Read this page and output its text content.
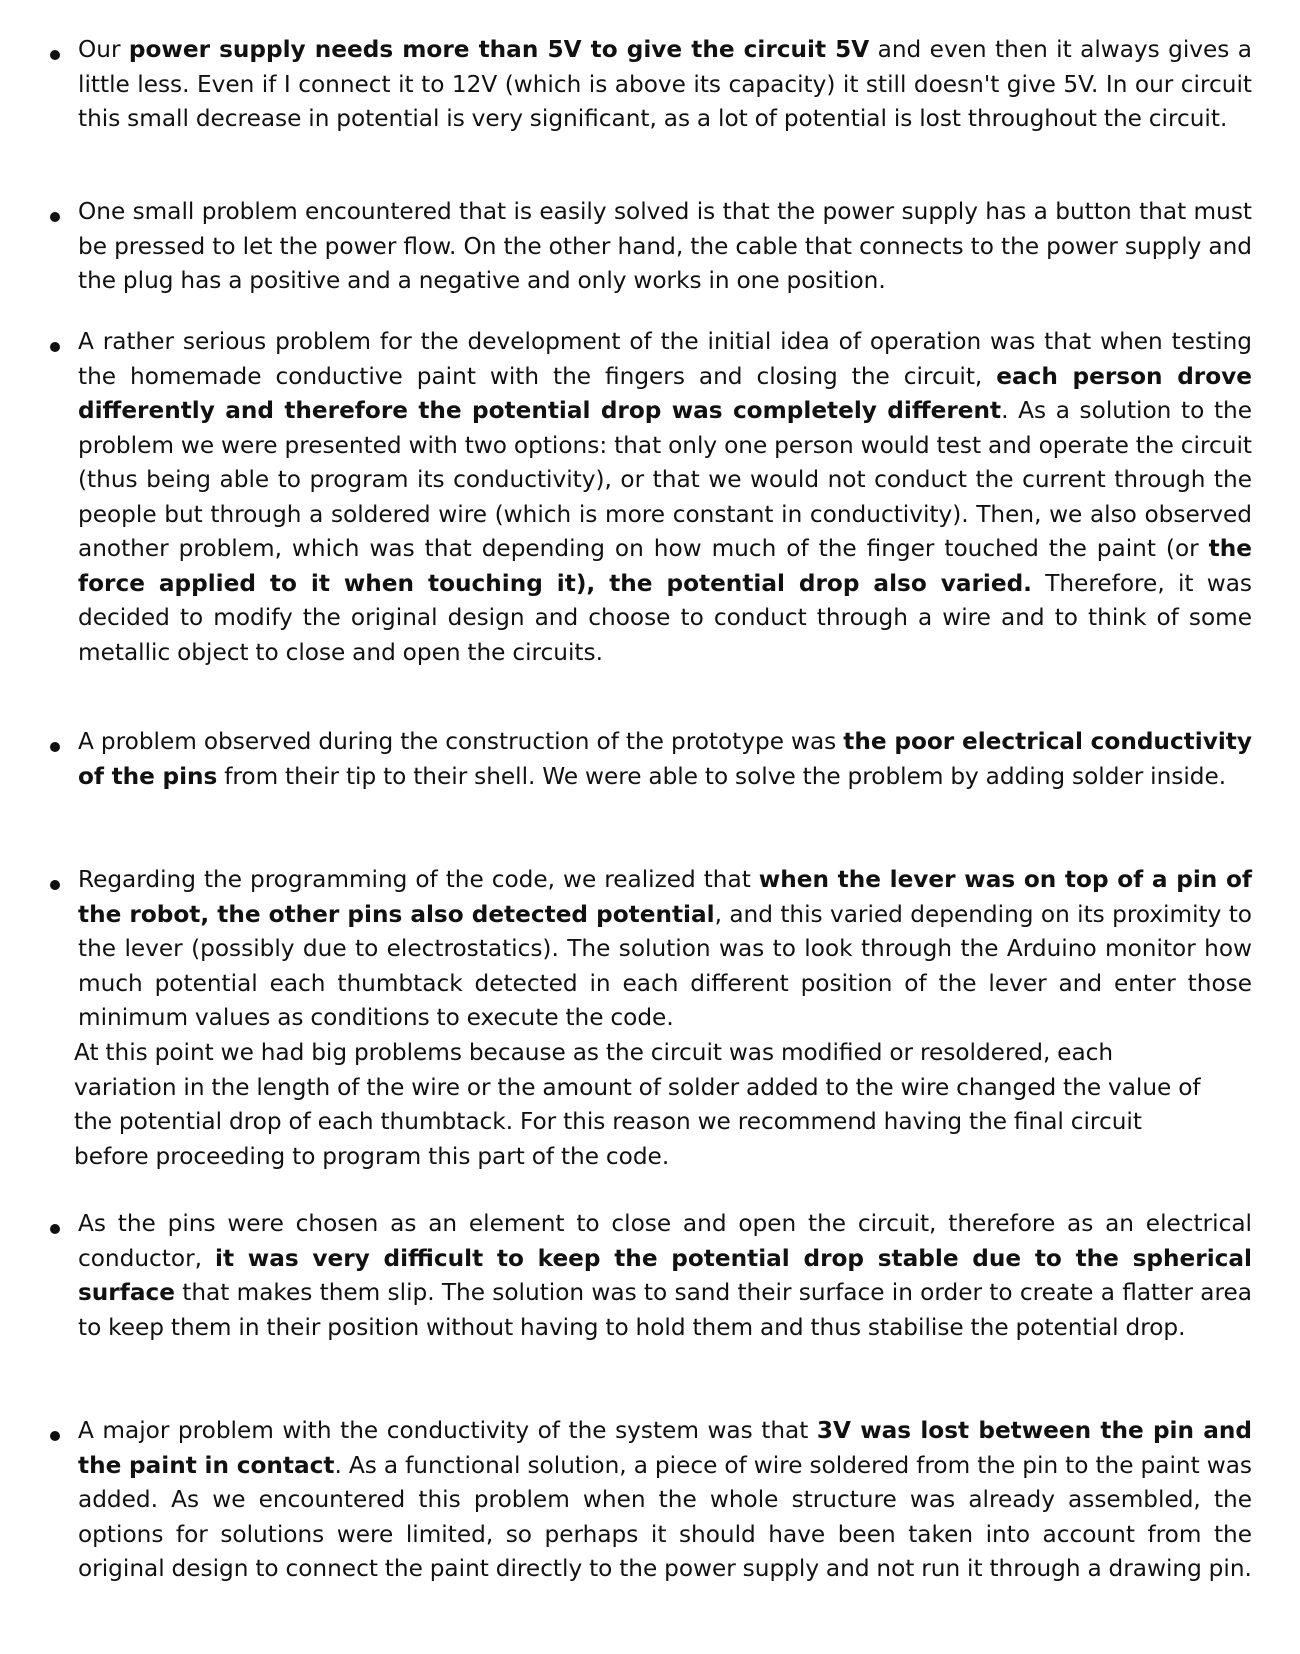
Our power supply needs more than 5V to give the circuit 5V and even then it always gives a little less. Even if I connect it to 12V (which is above its capacity) it still doesn't give 5V. In our circuit this small decrease in potential is very significant, as a lot of potential is lost throughout the circuit.

One small problem encountered that is easily solved is that the power supply has a button that must be pressed to let the power flow. On the other hand, the cable that connects to the power supply and the plug has a positive and a negative and only works in one position.

A rather serious problem for the development of the initial idea of operation was that when testing the homemade conductive paint with the fingers and closing the circuit, each person drove differently and therefore the potential drop was completely different. As a solution to the problem we were presented with two options: that only one person would test and operate the circuit (thus being able to program its conductivity), or that we would not conduct the current through the people but through a soldered wire (which is more constant in conductivity). Then, we also observed another problem, which was that depending on how much of the finger touched the paint (or the force applied to it when touching it), the potential drop also varied. Therefore, it was decided to modify the original design and choose to conduct through a wire and to think of some metallic object to close and open the circuits.

A problem observed during the construction of the prototype was the poor electrical conductivity of the pins from their tip to their shell. We were able to solve the problem by adding solder inside.

Regarding the programming of the code, we realized that when the lever was on top of a pin of the robot, the other pins also detected potential, and this varied depending on its proximity to the lever (possibly due to electrostatics). The solution was to look through the Arduino monitor how much potential each thumbtack detected in each different position of the lever and enter those minimum values as conditions to execute the code.

At this point we had big problems because as the circuit was modified or resoldered, each variation in the length of the wire or the amount of solder added to the wire changed the value of the potential drop of each thumbtack. For this reason we recommend having the final circuit before proceeding to program this part of the code.

As the pins were chosen as an element to close and open the circuit, therefore as an electrical conductor, it was very difficult to keep the potential drop stable due to the spherical surface that makes them slip. The solution was to sand their surface in order to create a flatter area to keep them in their position without having to hold them and thus stabilise the potential drop.

A major problem with the conductivity of the system was that 3V was lost between the pin and the paint in contact. As a functional solution, a piece of wire soldered from the pin to the paint was added. As we encountered this problem when the whole structure was already assembled, the options for solutions were limited, so perhaps it should have been taken into account from the original design to connect the paint directly to the power supply and not run it through a drawing pin.
